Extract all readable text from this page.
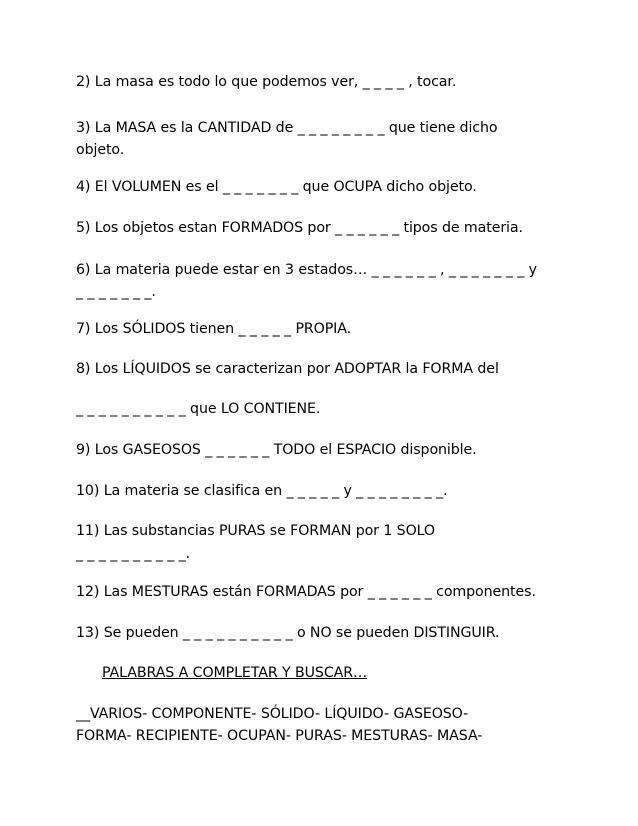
2) La masa es todo lo que podemos ver, _ _ _ _ , tocar.
3) La MASA es la CANTIDAD de _ _ _ _ _ _ _ _ que tiene dicho
objeto.
4) El VOLUMEN es el _ _ _ _ _ _ _ que OCUPA dicho objeto.
5) Los objetos estan FORMADOS por _ _ _ _ _ _ tipos de materia.
6) La materia puede estar en 3 estados… _ _ _ _ _ _ , _ _ _ _ _ _ _ y
_ _ _ _ _ _ _.
7) Los SÓLIDOS tienen _ _ _ _ _ PROPIA.
8) Los LÍQUIDOS se caracterizan por ADOPTAR la FORMA del
_ _ _ _ _ _ _ _ _ _ que LO CONTIENE.
9) Los GASEOSOS _ _ _ _ _ _ TODO el ESPACIO disponible.
10) La materia se clasifica en _ _ _ _ _ y _ _ _ _ _ _ _ _.
11) Las substancias PURAS se FORMAN por 1 SOLO
_ _ _ _ _ _ _ _ _ _.
12) Las MESTURAS están FORMADAS por _ _ _ _ _ _ componentes.
13) Se pueden _ _ _ _ _ _ _ _ _ _ o NO se pueden DISTINGUIR.
PALABRAS A COMPLETAR Y BUSCAR…
__VARIOS- COMPONENTE- SÓLIDO- LÍQUIDO- GASEOSO-
FORMA- RECIPIENTE- OCUPAN- PURAS- MESTURAS- MASA-
